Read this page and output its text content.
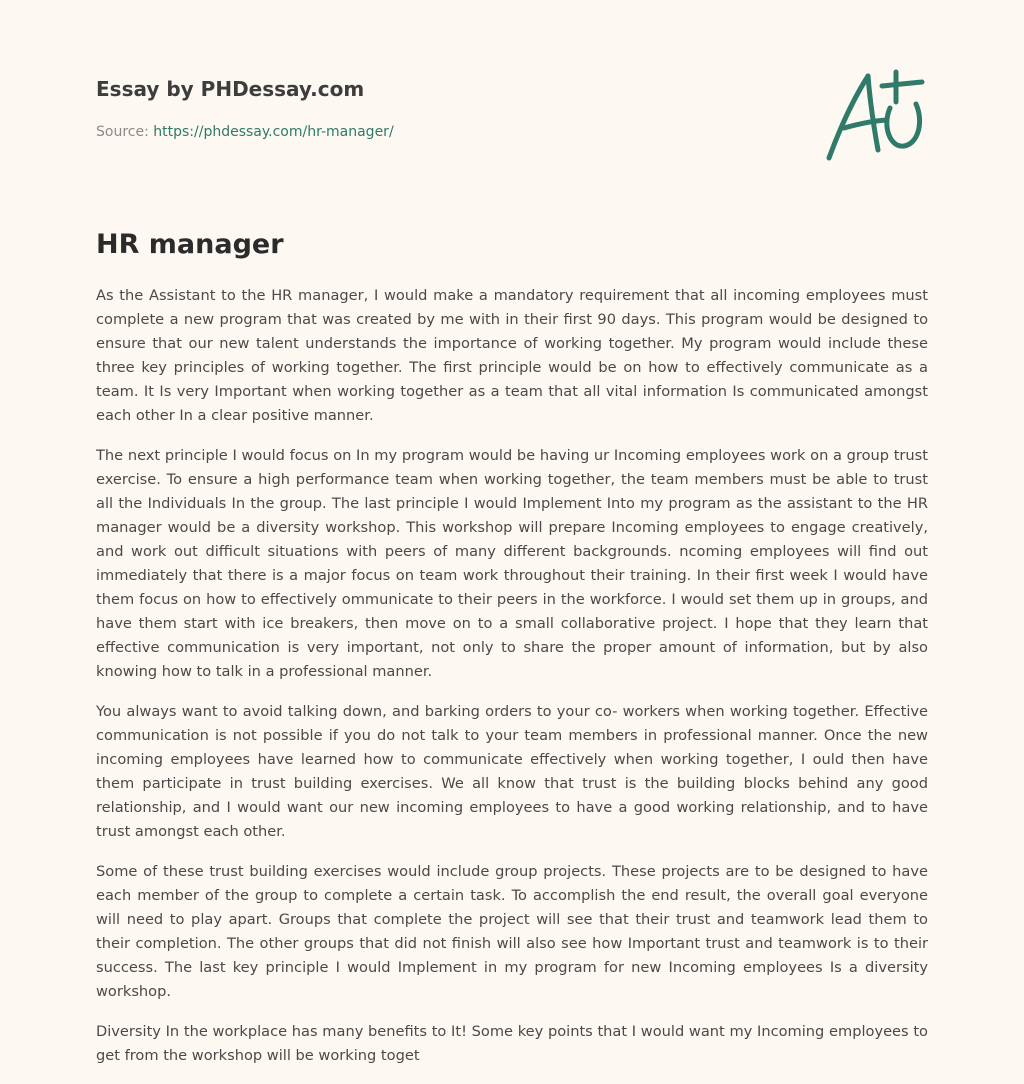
Essay by PHDessay.com
Source: https://phdessay.com/hr-manager/
HR manager

As the Assistant to the HR manager, I would make a mandatory requirement that all incoming employees must complete a new program that was created by me with in their first 90 days. This program would be designed to ensure that our new talent understands the importance of working together. My program would include these three key principles of working together. The first principle would be on how to effectively communicate as a team. It Is very Important when working together as a team that all vital information Is communicated amongst each other In a clear positive manner.

The next principle I would focus on In my program would be having ur Incoming employees work on a group trust exercise. To ensure a high performance team when working together, the team members must be able to trust all the Individuals In the group. The last principle I would Implement Into my program as the assistant to the HR manager would be a diversity workshop. This workshop will prepare Incoming employees to engage creatively, and work out difficult situations with peers of many different backgrounds. ncoming employees will find out immediately that there is a major focus on team work throughout their training. In their first week I would have them focus on how to effectively ommunicate to their peers in the workforce. I would set them up in groups, and have them start with ice breakers, then move on to a small collaborative project. I hope that they learn that effective communication is very important, not only to share the proper amount of information, but by also knowing how to talk in a professional manner.

You always want to avoid talking down, and barking orders to your co- workers when working together. Effective communication is not possible if you do not talk to your team members in professional manner. Once the new incoming employees have learned how to communicate effectively when working together, I ould then have them participate in trust building exercises. We all know that trust is the building blocks behind any good relationship, and I would want our new incoming employees to have a good working relationship, and to have trust amongst each other.

Some of these trust building exercises would include group projects. These projects are to be designed to have each member of the group to complete a certain task. To accomplish the end result, the overall goal everyone will need to play apart. Groups that complete the project will see that their trust and teamwork lead them to their completion. The other groups that did not finish will also see how Important trust and teamwork is to their success. The last key principle I would Implement in my program for new Incoming employees Is a diversity workshop.

Diversity In the workplace has many benefits to It! Some key points that I would want my Incoming employees to get from the workshop will be working toget
